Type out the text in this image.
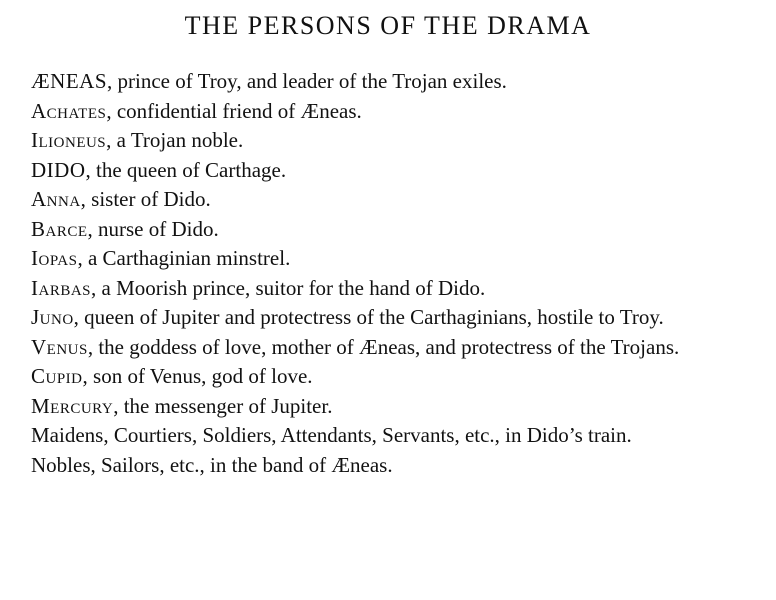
THE PERSONS OF THE DRAMA
ÆNEAS, prince of Troy, and leader of the Trojan exiles.
Achates, confidential friend of Æneas.
Ilioneus, a Trojan noble.
DIDO, the queen of Carthage.
Anna, sister of Dido.
Barce, nurse of Dido.
Iopas, a Carthaginian minstrel.
Iarbas, a Moorish prince, suitor for the hand of Dido.
Juno, queen of Jupiter and protectress of the Carthaginians, hostile to Troy.
Venus, the goddess of love, mother of Æneas, and protectress of the Trojans.
Cupid, son of Venus, god of love.
Mercury, the messenger of Jupiter.
Maidens, Courtiers, Soldiers, Attendants, Servants, etc., in Dido’s train.
Nobles, Sailors, etc., in the band of Æneas.
